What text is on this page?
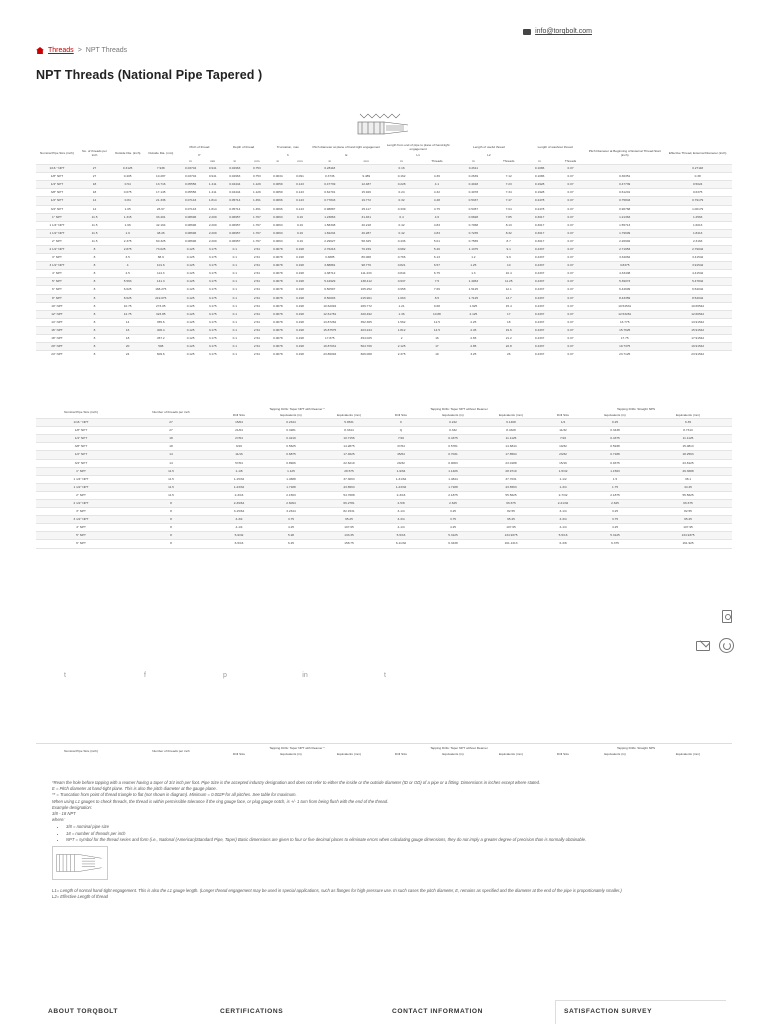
info@torqbolt.com
Threads > NPT Threads
NPT Threads (National Pipe Tapered )
Nominal Pipe Size (inch)	No. of threads per inch	Outside Dia. (inch)	Outside Dia. (mm)	Pitch of thread		Depth of thread		Truncation, max		Pitch diameter at plane of hand tight engagement		Length from end of pipe to plane of hand-tight engagement		Length of useful thread		Length of washout thread		Pitch Diameter at Beginning of External Thread Start (inch)	Effective Thread, External Diameter (inch)
				P				h		E		L1		L2					
				in	mm	in	mm	in	mm	in	mm	in	Threads	in	Threads	in	Threads		
1/16 " NPT	27	0.3125	7.938	0.03704	0.941	0.02963	0.753			0.28118		0.16		0.2611		0.1086	0.07		0.27118
1/8" NPT	27	0.405	10.287	0.03704	0.941	0.02963	0.753	0.0034	0.091	0.3736	9.489	0.162	4.36	0.2639	7.12	0.1086	0.07	0.36351	0.38
1/4" NPT	18	0.54	13.716	0.05556	1.411	0.04444	1.129	0.0059	0.143	0.47739	12.487	0.228	4.1	0.4018	7.23	0.1928	0.07	0.47739	0.5024
3/8" NPT	18	0.675	17.145	0.05556	1.411	0.04444	1.129	0.0059	0.143	0.62701	15.926	0.24	4.32	0.4078	7.34	0.1928	0.07	0.61201	0.6375
1/2" NPT	14	0.84	21.336	0.07143	1.814	0.05714	1.451	0.0066	0.143	0.77843	19.772	0.32	4.48	0.5337	7.47	0.2478	0.07	0.75843	0.79179
3/4" NPT	14	1.05	26.67	0.07143	1.814	0.05714	1.451	0.0066	0.143	0.98887	25.117	0.339	4.75	0.5457	7.64	0.2478	0.07	0.96768	1.00179
1" NPT	11.5	1.315	33.401	0.08696	2.209	0.06957	1.767	0.0063	0.16	1.23863	31.461	0.4	4.6	0.6828	7.85	0.3017	0.07	1.21363	1.2563
1 1/4" NPT	11.5	1.66	42.164	0.08696	2.209	0.06957	1.767	0.0063	0.16	1.58338	40.218	0.42	4.83	0.7068	8.13	0.3017	0.07	1.55713	1.6013
1 1/2" NPT	11.5	1.9	48.26	0.08696	2.209	0.06957	1.767	0.0063	0.16	1.82234	46.287	0.42	4.83	0.7235	8.32	0.3017	0.07	1.79609	1.8413
2" NPT	11.5	2.375	60.325	0.08696	2.209	0.06957	1.767	0.0063	0.16	2.29627	58.325	0.436	5.01	0.7565	8.7	0.3017	0.07	2.26902	2.3163
2 1/2" NPT	8	2.875	73.025	0.125	3.175	0.1	2.54	0.0078	0.198	2.76216	70.159	0.682	5.46	1.1375	9.1	0.4337	0.07	2.71953	2.79042
3" NPT	8	3.5	88.9	0.125	3.175	0.1	2.54	0.0078	0.198	3.3885	86.068	0.766	6.13	1.2	9.6	0.4337	0.07	3.34062	3.41542
3 1/2" NPT	8	4	101.6	0.125	3.175	0.1	2.54	0.0078	0.198	3.88881	98.776	0.821	6.57	1.25	10	0.4337	0.07	3.8375	3.91542
4" NPT	8	4.5	114.3	0.125	3.175	0.1	2.54	0.0078	0.198	4.38712	111.433	0.844	6.75	1.3	10.4	0.4337	0.07	4.33438	4.41542
5" NPT	8	5.563	141.3	0.125	3.175	0.1	2.54	0.0078	0.198	5.44929	138.412	0.937	7.5	1.4063	11.25	0.4337	0.07	5.39073	5.47842
6" NPT	8	6.625	168.275	0.125	3.175	0.1	2.54	0.0078	0.198	6.50597	165.252	0.958	7.66	1.5125	12.1	0.4337	0.07	6.44609	6.54042
8" NPT	8	8.625	219.075	0.125	3.175	0.1	2.54	0.0078	0.198	8.50003	215.901	1.063	8.5	1.7125	13.7	0.4337	0.07	8.43359	8.54042
10" NPT	8	10.75	273.05	0.125	3.175	0.1	2.54	0.0078	0.198	10.62094	269.772	1.21	9.68	1.925	15.4	0.4337	0.07	10.54531	10.66542
12" NPT	8	12.75	323.85	0.125	3.175	0.1	2.54	0.0078	0.198	12.61781	320.492	1.36	10.88	2.125	17	0.4337	0.07	12.53281	12.66542
14" NPT	8	14	355.6	0.125	3.175	0.1	2.54	0.0078	0.198	13.87262	352.365	1.562	12.5	2.25	18	0.4337	0.07	13.775	13.91542
16" NPT	8	16	406.4	0.125	3.175	0.1	2.54	0.0078	0.198	15.87575	403.244	1.812	14.5	2.45	19.6	0.4337	0.07	15.7625	15.91542
18" NPT	8	18	457.2	0.125	3.175	0.1	2.54	0.0078	0.198	17.875	454.025	2	16	2.65	21.2	0.4337	0.07	17.75	17.91542
20" NPT	8	20	508	0.125	3.175	0.1	2.54	0.0078	0.198	19.87031	504.706	2.125	17	2.85	22.8	0.4337	0.07	19.7375	19.91542
24" NPT	8	24	609.6	0.125	3.175	0.1	2.54	0.0078	0.198	23.86094	606.068	2.375	19	3.25	26	0.4337	0.07	23.7125	23.91542
Nominal Pipe Size (inch)	Number of threads per inch	Tapping Drills: Taper NPT with Reamer *			Tapping Drills: Taper NPT without Reamer			Tapping Drills: Straight NPS		
		Drill Size	Equivalents (in)	Equivalents (mm)	Drill Size	Equivalents (in)	Equivalents (mm)	Drill Size	Equivalents (in)	Equivalents (mm)
1/16 " NPT	27	15/64	0.2344	5.9531	C	0.242	6.1468	1/4	0.25	6.35
1/8" NPT	27	21/64	0.3281	8.3344	Q	0.332	8.4328	11/32	0.3438	8.7313
1/4" NPT	18	27/64	0.4219	10.7156	7/16	0.4375	11.1125	7/16	0.4375	11.1125
3/8" NPT	18	9/16	0.5625	14.2875	37/64	0.5781	14.6844	19/32	0.5938	15.0813
1/2" NPT	14	11/16	0.6875	17.4625	45/64	0.7031	17.8594	23/32	0.7188	18.2563
3/4" NPT	14	57/64	0.8906	22.6219	29/32	0.9063	23.0188	15/16	0.9375	23.8125
1" NPT	11.5	1-1/8	1.125	28.575	1-9/64	1.1406	28.9719	1-5/32	1.1563	29.3688
1 1/4" NPT	11.5	1-15/32	1.4688	37.3063	1-31/64	1.4844	37.7031	1-1/2	1.5	38.1
1 1/2" NPT	11.5	1-23/32	1.7188	43.6563	1-23/32	1.7188	43.6563	1-3/4	1.75	44.45
2" NPT	11.5	2-3/16	2.1563	54.7688	2-3/16	2.1875	55.5625	2-7/32	2.1875	55.5625
2 1/2" NPT	8	2-39/64	2.6094	66.2781	2-5/8	2.625	66.675	2-21/32	2.625	66.675
3" NPT	8	3-15/64	3.2344	82.1531	3-1/4	3.25	82.55	3-1/4	3.25	82.55
3 1/2" NPT	8	3-3/4	3.75	95.25	3-3/4	3.75	95.25	3-3/4	3.75	95.25
4" NPT	8	4-1/4	4.25	107.95	4-1/4	4.25	107.95	4-1/4	4.25	107.95
5" NPT	8	5-9/32	5.28	133.35	5-5/16	5.3125	134.9375	5-5/16	5.3125	134.9375
6" NPT	8	6-5/16	6.25	158.75	6-11/32	6.3438	161.1313	6-3/8	6.375	161.925
t	f	p	in	t
Nominal Pipe Size (inch)	Number of threads per inch	Tapping Drills: Taper NPT with Reamer *			Tapping Drills: Taper NPT without Reamer			Tapping Drills: Straight NPS		
		Drill Size	Equivalents (in)	Equivalents (mm)	Drill Size	Equivalents (in)	Equivalents (mm)	Drill Size	Equivalents (in)	Equivalents (mm)

*Ream the hole before tapping with a reamer having a taper of 3/4 inch per foot. Pipe Size is the accepted industry designation and does not refer to either the inside or the outside diameter (ID or OD) of a pipe or a fitting. Dimensions in inches except where stated.

E = Pitch diameter at hand-tight plane. This is also the pitch diameter at the gauge plane.

** = Truncation from point of thread triangle to flat (not shown in diagram). Minimum = 0.002P for all pitches. See table for maximum.

When using L1 gauges to check threads, the thread is within permissible tolerance if the ring gauge face, or plug gauge notch, is +/- 1 turn from being flush with the end of the thread.

Example designation:

3/8 - 18 NPT

where:

• 3/8 = nominal pipe size
• 18 = number of threads per inch
• NPT = symbol for the thread series and form (i.e., National (American)Standard Pipe, Taper) Basic dimensions are given to four or five decimal places to eliminate errors when calculating gauge dimensions, they do not imply a greater degree of precision than is normally obtainable.

L1= Length of normal hand-tight engagement. This is also the L1 gauge length. (Longer thread engagement may be used in special applications, such as flanges for high-pressure use. In such cases the pitch diameter, E, remains as specified and the diameter at the end of the pipe is proportionately smaller.)

L2= Effective Length of thread

ABOUT TORQBOLT	CERTIFICATIONS	CONTACT INFORMATION	SATISFACTION SURVEY
